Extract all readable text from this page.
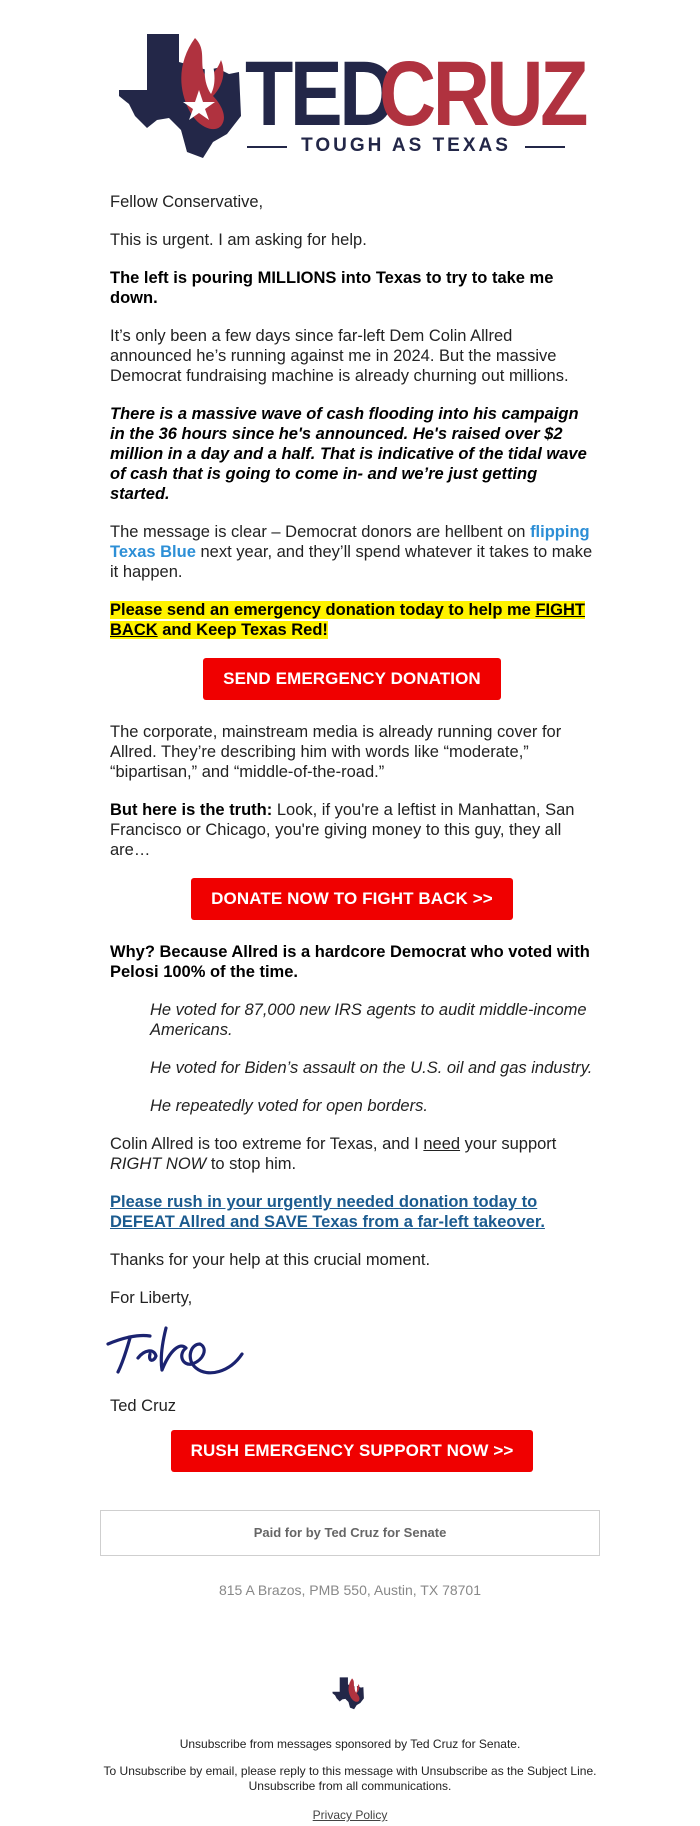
TED
CRUZ
TOUGH AS TEXAS

Fellow Conservative,

This is urgent. I am asking for help.

The left is pouring MILLIONS into Texas to try to take me down.

It’s only been a few days since far-left Dem Colin Allred announced he’s running against me in 2024. But the massive Democrat fundraising machine is already churning out millions.

There is a massive wave of cash flooding into his campaign in the 36 hours since he's announced. He's raised over $2 million in a day and a half. That is indicative of the tidal wave of cash that is going to come in- and we’re just getting started.

The message is clear – Democrat donors are hellbent on flipping Texas Blue next year, and they’ll spend whatever it takes to make it happen.

Please send an emergency donation today to help me FIGHT BACK and Keep Texas Red!

SEND EMERGENCY DONATION

The corporate, mainstream media is already running cover for Allred. They’re describing him with words like “moderate,” “bipartisan,” and “middle-of-the-road.”

But here is the truth: Look, if you're a leftist in Manhattan, San Francisco or Chicago, you're giving money to this guy, they all are…

DONATE NOW TO FIGHT BACK >>

Why? Because Allred is a hardcore Democrat who voted with Pelosi 100% of the time.

He voted for 87,000 new IRS agents to audit middle-income Americans.

He voted for Biden’s assault on the U.S. oil and gas industry.

He repeatedly voted for open borders.

Colin Allred is too extreme for Texas, and I need your support RIGHT NOW to stop him.

Please rush in your urgently needed donation today to DEFEAT Allred and SAVE Texas from a far-left takeover.

Thanks for your help at this crucial moment.

For Liberty,

Ted Cruz

RUSH EMERGENCY SUPPORT NOW >>
Paid for by Ted Cruz for Senate
815 A Brazos, PMB 550, Austin, TX 78701
Unsubscribe from messages sponsored by Ted Cruz for Senate.
To Unsubscribe by email, please reply to this message with Unsubscribe as the Subject Line.
Unsubscribe from all communications.
Privacy Policy
